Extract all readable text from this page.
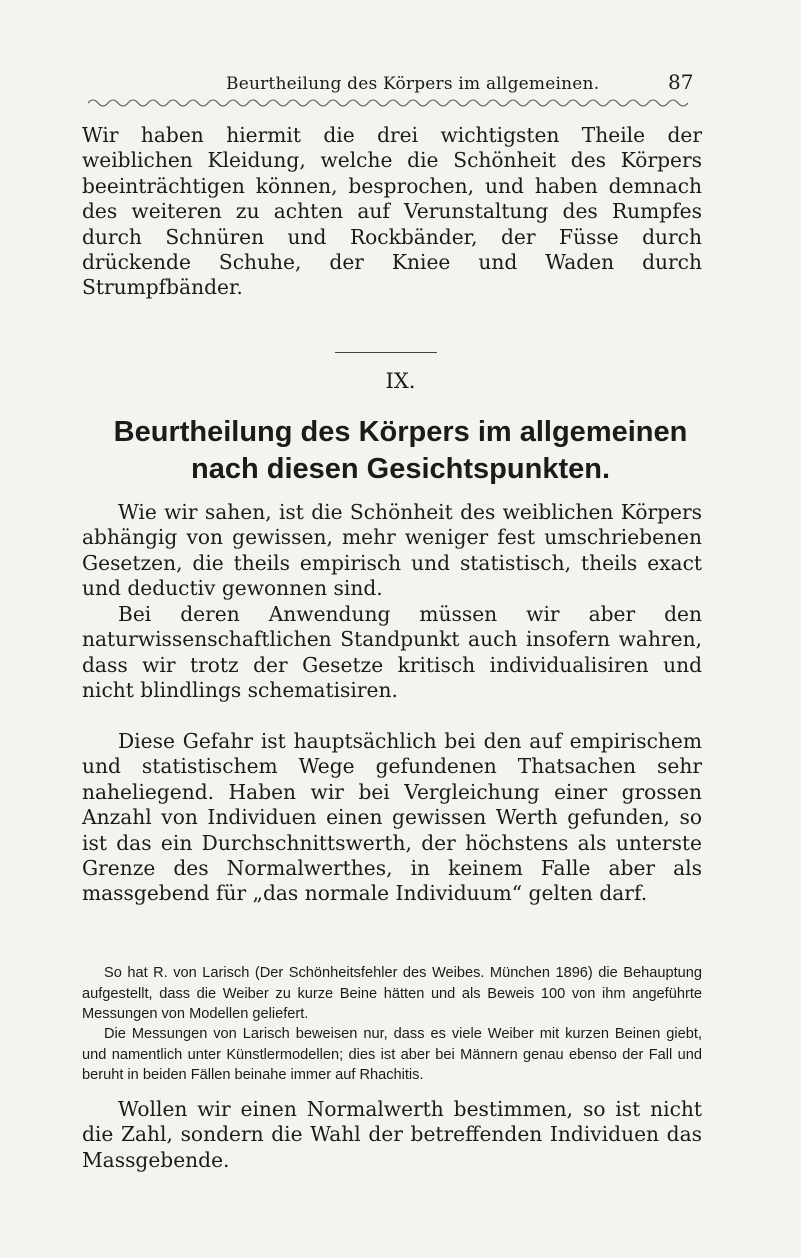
Beurtheilung des Körpers im allgemeinen.	87

Wir haben hiermit die drei wichtigsten Theile der weiblichen Kleidung, welche die Schönheit des Körpers beeinträchtigen können, besprochen, und haben demnach des weiteren zu achten auf Verunstaltung des Rumpfes durch Schnüren und Rockbänder, der Füsse durch drückende Schuhe, der Kniee und Waden durch Strumpfbänder.

IX.
Beurtheilung des Körpers im allgemeinen
nach diesen Gesichtspunkten.

Wie wir sahen, ist die Schönheit des weiblichen Körpers abhängig von gewissen, mehr weniger fest umschriebenen Gesetzen, die theils empirisch und statistisch, theils exact und deductiv gewonnen sind.

Bei deren Anwendung müssen wir aber den naturwissenschaftlichen Standpunkt auch insofern wahren, dass wir trotz der Gesetze kritisch individualisiren und nicht blindlings schematisiren.

Diese Gefahr ist hauptsächlich bei den auf empirischem und statistischem Wege gefundenen Thatsachen sehr naheliegend. Haben wir bei Vergleichung einer grossen Anzahl von Individuen einen gewissen Werth gefunden, so ist das ein Durchschnittswerth, der höchstens als unterste Grenze des Normalwerthes, in keinem Falle aber als massgebend für „das normale Individuum“ gelten darf.

So hat R. von Larisch (Der Schönheitsfehler des Weibes. München 1896) die Behauptung aufgestellt, dass die Weiber zu kurze Beine hätten und als Beweis 100 von ihm angeführte Messungen von Modellen geliefert.

Die Messungen von Larisch beweisen nur, dass es viele Weiber mit kurzen Beinen giebt, und namentlich unter Künstlermodellen; dies ist aber bei Männern genau ebenso der Fall und beruht in beiden Fällen beinahe immer auf Rhachitis.

Wollen wir einen Normalwerth bestimmen, so ist nicht die Zahl, sondern die Wahl der betreffenden Individuen das Massgebende.
